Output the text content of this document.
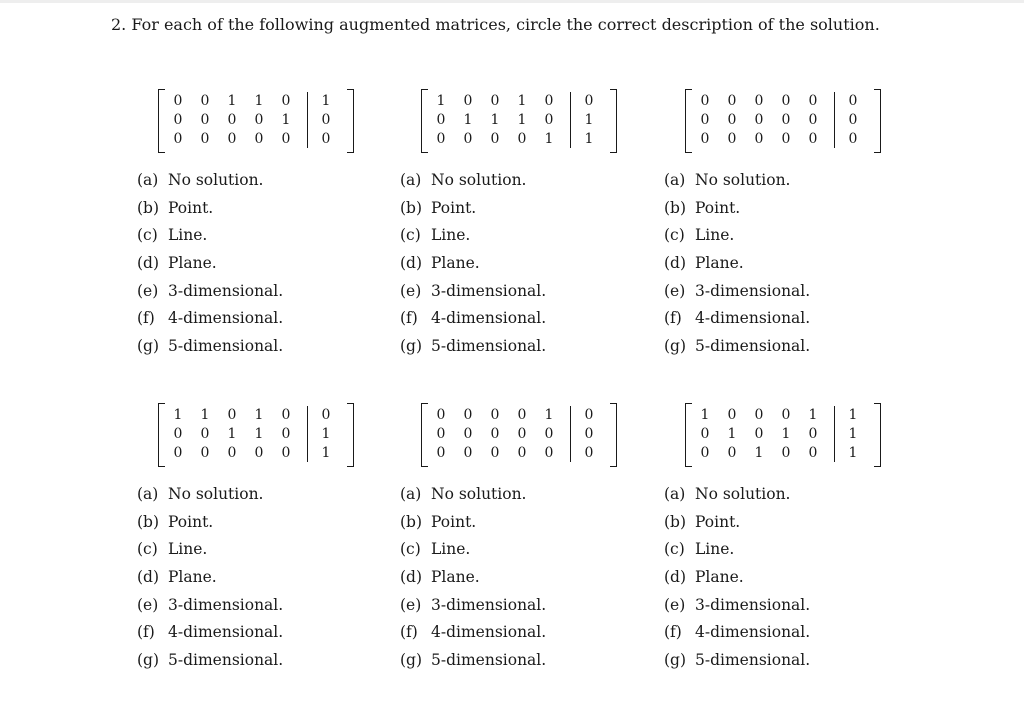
2. For each of the following augmented matrices, circle the correct description of the solution.
0 0 1 1 0 1
0 0 0 0 1 0
0 0 0 0 0 0
(a) No solution.
(b) Point.
(c) Line.
(d) Plane.
(e) 3-dimensional.
(f) 4-dimensional.
(g) 5-dimensional.
1 0 0 1 0 0
0 1 1 1 0 1
0 0 0 0 1 1
(a) No solution.
(b) Point.
(c) Line.
(d) Plane.
(e) 3-dimensional.
(f) 4-dimensional.
(g) 5-dimensional.
0 0 0 0 0 0
0 0 0 0 0 0
0 0 0 0 0 0
(a) No solution.
(b) Point.
(c) Line.
(d) Plane.
(e) 3-dimensional.
(f) 4-dimensional.
(g) 5-dimensional.
1 1 0 1 0 0
0 0 1 1 0 1
0 0 0 0 0 1
(a) No solution.
(b) Point.
(c) Line.
(d) Plane.
(e) 3-dimensional.
(f) 4-dimensional.
(g) 5-dimensional.
0 0 0 0 1 0
0 0 0 0 0 0
0 0 0 0 0 0
(a) No solution.
(b) Point.
(c) Line.
(d) Plane.
(e) 3-dimensional.
(f) 4-dimensional.
(g) 5-dimensional.
1 0 0 0 1 1
0 1 0 1 0 1
0 0 1 0 0 1
(a) No solution.
(b) Point.
(c) Line.
(d) Plane.
(e) 3-dimensional.
(f) 4-dimensional.
(g) 5-dimensional.
